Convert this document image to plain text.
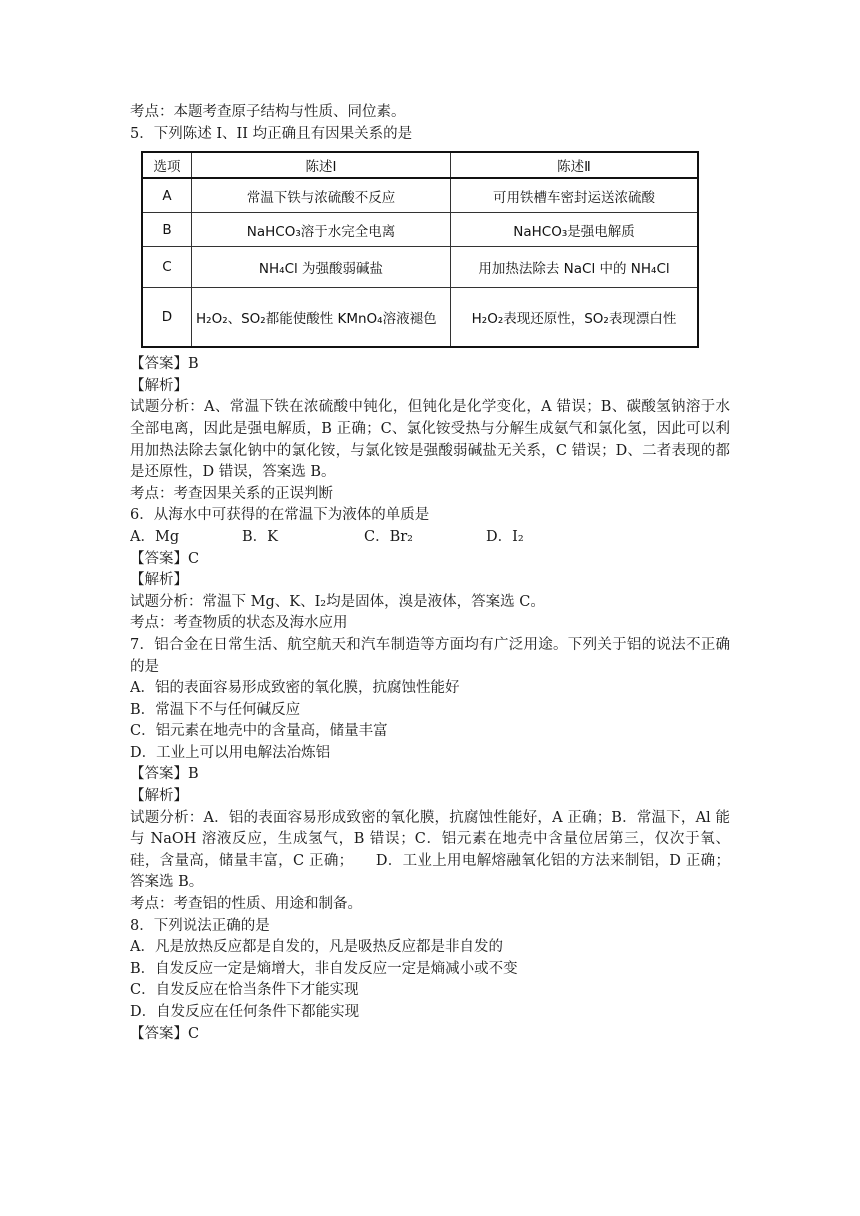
考点：本题考查原子结构与性质、同位素。
5．下列陈述 I、II 均正确且有因果关系的是
选项	陈述Ⅰ	陈述Ⅱ
A	常温下铁与浓硫酸不反应	可用铁槽车密封运送浓硫酸
B	NaHCO₃溶于水完全电离	NaHCO₃是强电解质
C	NH₄Cl 为强酸弱碱盐	用加热法除去 NaCl 中的 NH₄Cl
D	H₂O₂、SO₂都能使酸性 KMnO₄溶液褪色	H₂O₂表现还原性，SO₂表现漂白性
【答案】B
【解析】
试题分析：A、常温下铁在浓硫酸中钝化，但钝化是化学变化，A 错误；B、碳酸氢钠溶于水全部电离，因此是强电解质，B 正确；C、氯化铵受热与分解生成氨气和氯化氢，因此可以利用加热法除去氯化钠中的氯化铵，与氯化铵是强酸弱碱盐无关系，C 错误；D、二者表现的都是还原性，D 错误，答案选 B。
考点：考查因果关系的正误判断
6．从海水中可获得的在常温下为液体的单质是
A．Mg	B．K	C．Br₂	D．I₂
【答案】C
【解析】
试题分析：常温下 Mg、K、I₂均是固体，溴是液体，答案选 C。
考点：考查物质的状态及海水应用
7．铝合金在日常生活、航空航天和汽车制造等方面均有广泛用途。下列关于铝的说法不正确的是
A．铝的表面容易形成致密的氧化膜，抗腐蚀性能好
B．常温下不与任何碱反应
C．铝元素在地壳中的含量高，储量丰富
D．工业上可以用电解法冶炼铝
【答案】B
【解析】
试题分析：A．铝的表面容易形成致密的氧化膜，抗腐蚀性能好，A 正确；B．常温下，Al 能与 NaOH 溶液反应，生成氢气，B 错误；C．铝元素在地壳中含量位居第三，仅次于氧、硅，含量高，储量丰富，C 正确；　　D．工业上用电解熔融氧化铝的方法来制铝，D 正确；答案选 B。
考点：考查铝的性质、用途和制备。
8．下列说法正确的是
A．凡是放热反应都是自发的，凡是吸热反应都是非自发的
B．自发反应一定是熵增大，非自发反应一定是熵减小或不变
C．自发反应在恰当条件下才能实现
D．自发反应在任何条件下都能实现
【答案】C
